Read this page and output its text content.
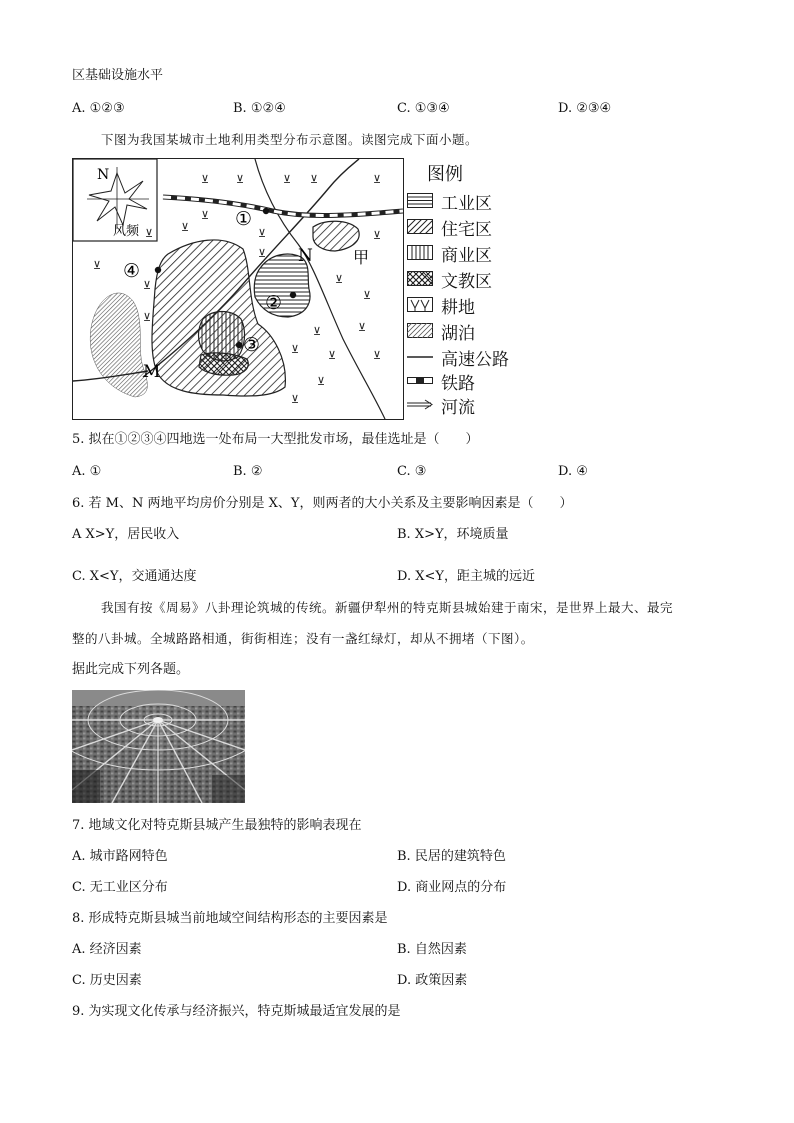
区基础设施水平
A. ①②③	B. ①②④	C. ①③④	D. ②③④
下图为我国某城市土地利用类型分布示意图。读图完成下面小题。
N
风频
①
②
③
④
M
N	甲
⊻ ⊻	⊻ ⊻	⊻
⊻
⊻
⊻
⊻
⊻
⊻
⊻
⊻	⊻
⊻
⊻	⊻
⊻	⊻	⊻
⊻
⊻
⊻
图例
工业区
住宅区
商业区
文教区
耕地
湖泊
高速公路
铁路
河流
5. 拟在①②③④四地选一处布局一大型批发市场，最佳选址是（　　）
A. ①	B. ②	C. ③	D. ④
6. 若 M、N 两地平均房价分别是 X、Y，则两者的大小关系及主要影响因素是（　　）
A X>Y，居民收入	B. X>Y，环境质量
C. X<Y，交通通达度	D. X<Y，距主城的远近
我国有按《周易》八卦理论筑城的传统。新疆伊犁州的特克斯县城始建于南宋，是世界上最大、最完
整的八卦城。全城路路相通，街街相连；没有一盏红绿灯，却从不拥堵（下图）。
据此完成下列各题。
7. 地域文化对特克斯县城产生最独特的影响表现在
A. 城市路网特色	B. 民居的建筑特色
C. 无工业区分布	D. 商业网点的分布
8. 形成特克斯县城当前地域空间结构形态的主要因素是
A. 经济因素	B. 自然因素
C. 历史因素	D. 政策因素
9. 为实现文化传承与经济振兴，特克斯城最适宜发展的是
